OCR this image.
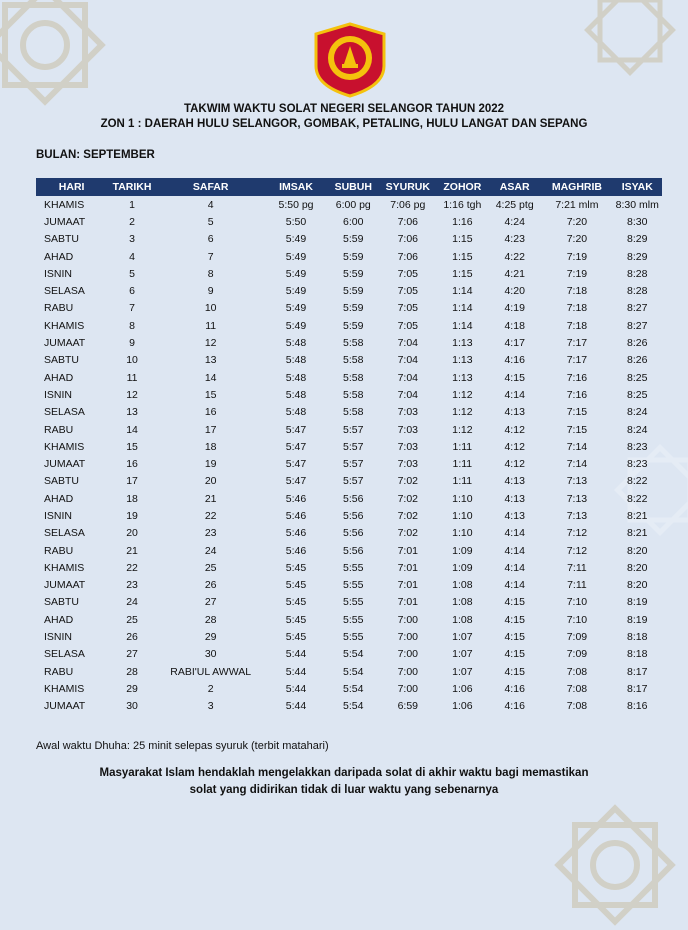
TAKWIM WAKTU SOLAT NEGERI SELANGOR TAHUN 2022
ZON 1 : DAERAH HULU SELANGOR, GOMBAK, PETALING, HULU LANGAT DAN SEPANG
BULAN: SEPTEMBER
HARI	TARIKH	SAFAR	IMSAK	SUBUH	SYURUK	ZOHOR	ASAR	MAGHRIB	ISYAK
KHAMIS	1	4	5:50 pg	6:00 pg	7:06 pg	1:16 tgh	4:25 ptg	7:21 mlm	8:30 mlm
JUMAAT	2	5	5:50	6:00	7:06	1:16	4:24	7:20	8:30
SABTU	3	6	5:49	5:59	7:06	1:15	4:23	7:20	8:29
AHAD	4	7	5:49	5:59	7:06	1:15	4:22	7:19	8:29
ISNIN	5	8	5:49	5:59	7:05	1:15	4:21	7:19	8:28
SELASA	6	9	5:49	5:59	7:05	1:14	4:20	7:18	8:28
RABU	7	10	5:49	5:59	7:05	1:14	4:19	7:18	8:27
KHAMIS	8	11	5:49	5:59	7:05	1:14	4:18	7:18	8:27
JUMAAT	9	12	5:48	5:58	7:04	1:13	4:17	7:17	8:26
SABTU	10	13	5:48	5:58	7:04	1:13	4:16	7:17	8:26
AHAD	11	14	5:48	5:58	7:04	1:13	4:15	7:16	8:25
ISNIN	12	15	5:48	5:58	7:04	1:12	4:14	7:16	8:25
SELASA	13	16	5:48	5:58	7:03	1:12	4:13	7:15	8:24
RABU	14	17	5:47	5:57	7:03	1:12	4:12	7:15	8:24
KHAMIS	15	18	5:47	5:57	7:03	1:11	4:12	7:14	8:23
JUMAAT	16	19	5:47	5:57	7:03	1:11	4:12	7:14	8:23
SABTU	17	20	5:47	5:57	7:02	1:11	4:13	7:13	8:22
AHAD	18	21	5:46	5:56	7:02	1:10	4:13	7:13	8:22
ISNIN	19	22	5:46	5:56	7:02	1:10	4:13	7:13	8:21
SELASA	20	23	5:46	5:56	7:02	1:10	4:14	7:12	8:21
RABU	21	24	5:46	5:56	7:01	1:09	4:14	7:12	8:20
KHAMIS	22	25	5:45	5:55	7:01	1:09	4:14	7:11	8:20
JUMAAT	23	26	5:45	5:55	7:01	1:08	4:14	7:11	8:20
SABTU	24	27	5:45	5:55	7:01	1:08	4:15	7:10	8:19
AHAD	25	28	5:45	5:55	7:00	1:08	4:15	7:10	8:19
ISNIN	26	29	5:45	5:55	7:00	1:07	4:15	7:09	8:18
SELASA	27	30	5:44	5:54	7:00	1:07	4:15	7:09	8:18
RABU	28	RABI'UL AWWAL	5:44	5:54	7:00	1:07	4:15	7:08	8:17
KHAMIS	29	2	5:44	5:54	7:00	1:06	4:16	7:08	8:17
JUMAAT	30	3	5:44	5:54	6:59	1:06	4:16	7:08	8:16
Awal waktu Dhuha: 25 minit selepas syuruk (terbit matahari)
Masyarakat Islam hendaklah mengelakkan daripada solat di akhir waktu bagi memastikan
solat yang didirikan tidak di luar waktu yang sebenarnya
